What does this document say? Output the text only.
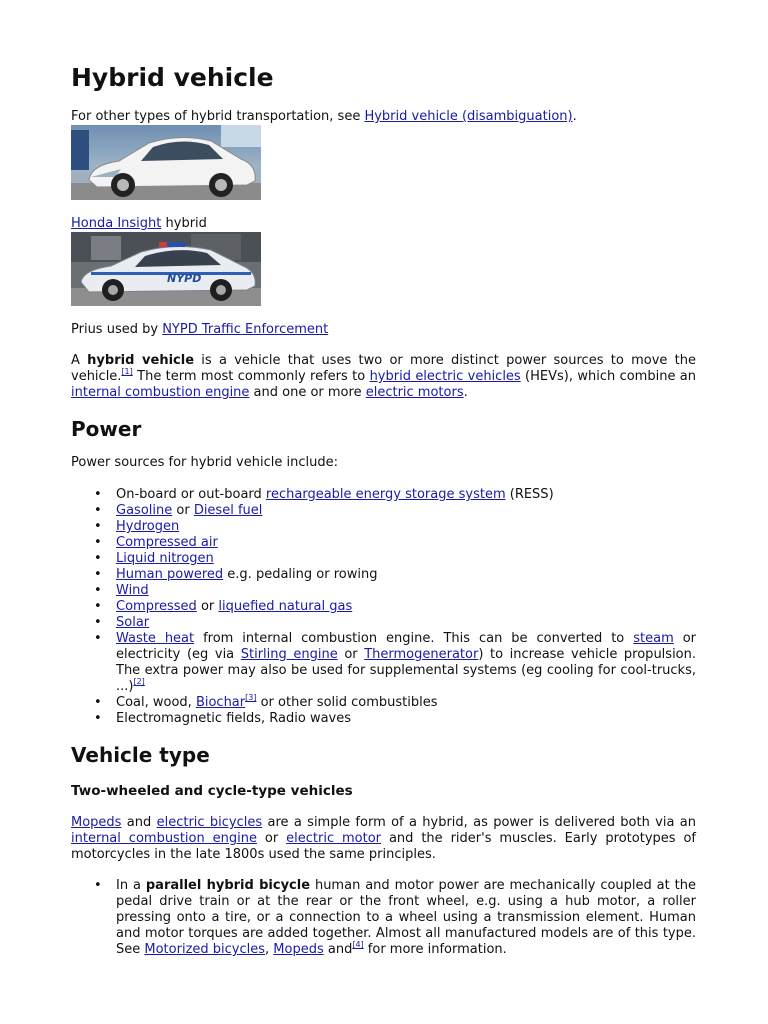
Hybrid vehicle
For other types of hybrid transportation, see Hybrid vehicle (disambiguation).
Honda Insight hybrid
NYPD
Prius used by NYPD Traffic Enforcement

A hybrid vehicle is a vehicle that uses two or more distinct power sources to move the vehicle.[1] The term most commonly refers to hybrid electric vehicles (HEVs), which combine an internal combustion engine and one or more electric motors.

Power
Power sources for hybrid vehicle include:
• On-board or out-board rechargeable energy storage system (RESS)
• Gasoline or Diesel fuel
• Hydrogen
• Compressed air
• Liquid nitrogen
• Human powered e.g. pedaling or rowing
• Wind
• Compressed or liquefied natural gas
• Solar
• Waste heat from internal combustion engine. This can be converted to steam or electricity (eg via Stirling engine or Thermogenerator) to increase vehicle propulsion. The extra power may also be used for supplemental systems (eg cooling for cool-trucks, ...)[2]
• Coal, wood, Biochar[3] or other solid combustibles
• Electromagnetic fields, Radio waves
Vehicle type
Two-wheeled and cycle-type vehicles

Mopeds and electric bicycles are a simple form of a hybrid, as power is delivered both via an internal combustion engine or electric motor and the rider's muscles. Early prototypes of motorcycles in the late 1800s used the same principles.

• In a parallel hybrid bicycle human and motor power are mechanically coupled at the pedal drive train or at the rear or the front wheel, e.g. using a hub motor, a roller pressing onto a tire, or a connection to a wheel using a transmission element. Human and motor torques are added together. Almost all manufactured models are of this type. See Motorized bicycles, Mopeds and[4] for more information.
